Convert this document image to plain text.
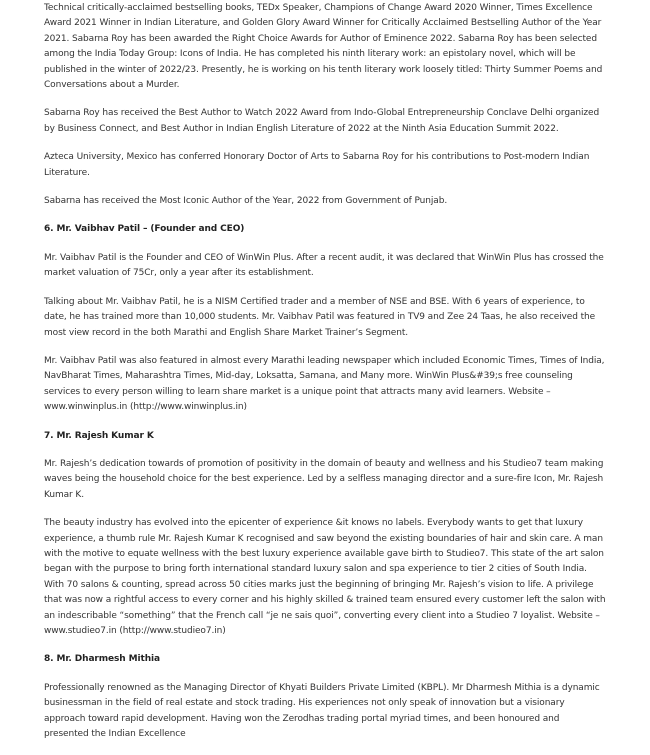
Technical critically-acclaimed bestselling books, TEDx Speaker, Champions of Change Award 2020 Winner, Times Excellence Award 2021 Winner in Indian Literature, and Golden Glory Award Winner for Critically Acclaimed Bestselling Author of the Year 2021. Sabarna Roy has been awarded the Right Choice Awards for Author of Eminence 2022. Sabarna Roy has been selected among the India Today Group: Icons of India. He has completed his ninth literary work: an epistolary novel, which will be published in the winter of 2022/23. Presently, he is working on his tenth literary work loosely titled: Thirty Summer Poems and Conversations about a Murder.

Sabarna Roy has received the Best Author to Watch 2022 Award from Indo-Global Entrepreneurship Conclave Delhi organized by Business Connect, and Best Author in Indian English Literature of 2022 at the Ninth Asia Education Summit 2022.

Azteca University, Mexico has conferred Honorary Doctor of Arts to Sabarna Roy for his contributions to Post-modern Indian Literature.

Sabarna has received the Most Iconic Author of the Year, 2022 from Government of Punjab.

6. Mr. Vaibhav Patil – (Founder and CEO)

Mr. Vaibhav Patil is the Founder and CEO of WinWin Plus. After a recent audit, it was declared that WinWin Plus has crossed the market valuation of 75Cr, only a year after its establishment.

Talking about Mr. Vaibhav Patil, he is a NISM Certified trader and a member of NSE and BSE. With 6 years of experience, to date, he has trained more than 10,000 students. Mr. Vaibhav Patil was featured in TV9 and Zee 24 Taas, he also received the most view record in the both Marathi and English Share Market Trainer’s Segment.

Mr. Vaibhav Patil was also featured in almost every Marathi leading newspaper which included Economic Times, Times of India, NavBharat Times, Maharashtra Times, Mid-day, Loksatta, Samana, and Many more. WinWin Plus&#39;s free counseling services to every person willing to learn share market is a unique point that attracts many avid learners. Website – www.winwinplus.in (http://www.winwinplus.in)

7. Mr. Rajesh Kumar K

Mr. Rajesh’s dedication towards of promotion of positivity in the domain of beauty and wellness and his Studieo7 team making waves being the household choice for the best experience. Led by a selfless managing director and a sure-fire Icon, Mr. Rajesh Kumar K.

The beauty industry has evolved into the epicenter of experience &it knows no labels. Everybody wants to get that luxury experience, a thumb rule Mr. Rajesh Kumar K recognised and saw beyond the existing boundaries of hair and skin care. A man with the motive to equate wellness with the best luxury experience available gave birth to Studieo7. This state of the art salon began with the purpose to bring forth international standard luxury salon and spa experience to tier 2 cities of South India. With 70 salons & counting, spread across 50 cities marks just the beginning of bringing Mr. Rajesh’s vision to life. A privilege that was now a rightful access to every corner and his highly skilled & trained team ensured every customer left the salon with an indescribable “something” that the French call “je ne sais quoi”, converting every client into a Studieo 7 loyalist. Website – www.studieo7.in (http://www.studieo7.in)

8. Mr. Dharmesh Mithia

Professionally renowned as the Managing Director of Khyati Builders Private Limited (KBPL). Mr Dharmesh Mithia is a dynamic businessman in the field of real estate and stock trading. His experiences not only speak of innovation but a visionary approach toward rapid development. Having won the Zerodhas trading portal myriad times, and been honoured and presented the Indian Excellence
